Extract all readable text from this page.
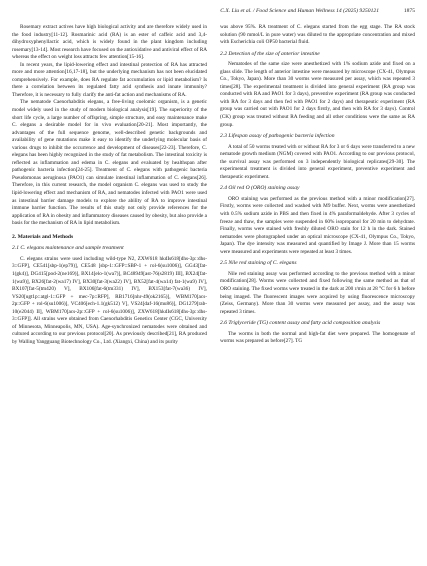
C.X. Liu et al. / Food Science and Human Wellness 14 (2025) 9250121	1875

Rosemary extract actives have high biological activity and are therefore widely used in the food industry[11-12]. Rosmarinic acid (RA) is an ester of caffeic acid and 3,4-dihydroxyphenyllactic acid, which is widely found in the plant kingdom including rosemary[13-14]. Most research have focused on the antioxidative and antiviral effect of RA whereas the effect on weight loss attracts few attention[15-16].

In recent years, the lipid-lowering effect and intestinal protection of RA has attracted more and more attention[16,17-18], but the underlying mechanism has not been elucidated comprehensively. For example, does RA regulate fat accumulation or lipid metabolism? Is there a correlation between its regulated fatty acid synthesis and innate immunity? Therefore, it is necessary to fully clarify the anti-fat action and mechanisms of RA.

The nematode Caenorhabditis elegans, a free-living coelomic organism, is a genetic model widely used in the study of modern biological analysis[19]. The superiority of the short life cycle, a large number of offspring, simple structure, and easy maintenance make C. elegans a desirable model for in vivo evaluation[20-21]. Most importantly, the advantages of the full sequence genome, well-described genetic backgrounds and availability of gene mutations make it easy to identify the underlying molecular basis of various drugs to inhibit the occurrence and development of diseases[22-23]. Therefore, C. elegans has been highly recognized in the study of fat metabolism. The intestinal toxicity is reflected as inflammation and edema in C. elegans and evaluated by healthspan after pathogenic bacteria infection[24-25]. Treatment of C. elegans with pathogenic bacteria Pseudomonas aeruginosa (PAO1) can simulate intestinal inflammation of C. elegans[26]. Therefore, in this current research, the model organism C. elegans was used to study the lipid-lowering effect and mechanism of RA, and nematodes infected with PAO1 were used as intestinal barrier damage models to explore the ability of RA to improve intestinal immune barrier function. The results of this study not only provide references for the application of RA in obesity and inflammatory diseases caused by obesity, but also provide a basis for the mechanism of RA in lipid metabolism.

2. Materials and Methods
2.1 C. elegans maintenance and sample treatment

C. elegans strains were used including wild-type N2, ZXW618 hkdIs618[dhs-3p::dhs-3::GFP], CE541[sbp-1(ep79)], CE548 [sbp-1::GFP::SBP-1 + rol-6(su1006)], GG43[fat-1(gk4)], DG415[pod-2(ne169)], BX14[elo-1(wa7)], BC48949[ast-76(s2819) III], BX24[fat-1(wa9)], BX26[fat-2(wa17) IV], BX30[fat-3(wa22) IV], BX52[fat-4(wa14) fat-1(wa9) IV], BX107[fat-5(tm420) V], BX106[fat-6(tm331) IV], BX153[fat-7(wa36) IV], VS20[ugt1p::atgl-1::GFP + mec-7p::RFP], RB1716[nhr-49(ok2165)], WBM170[acs-2p::GFP + rol-6(su1006)], VC406[ech-1.1(gk512) V], VS24[daf-16(mu86)], DG1279[rab-10(e2044) II], WBM170[acs-2p::GFP + rol-6(su1006)], ZXW618[hkdIs618[dhs-3p::dhs-3::GFP]]. All strains were obtained from Caenorhabditis Genetics Center (CGC, University of Minnesota, Minneapolis, MN, USA). Age-synchronized nematodes were obtained and cultured according to our previous protocol[20]. As previously described[21], RA produced by Walling Yangguang Biotechnology Co., Ltd. (Xiangxi, China) and its purity

was above 95%. RA treatment of C. elegans started from the egg stage. The RA stock solution (90 mmol/L in pure water) was diluted to the appropriate concentration and mixed with Escherichia coli OP50 bacterial fluid.

2.2 Detection of the size of anterior intestine

Nematodes of the same size were anesthetized with 1% sodium azide and fixed on a glass slide. The length of anterior intestine were measured by microscope (CX-41, Olympus Co., Tokyo, Japan). More than 30 worms were measured per assay, which was repeated 3 times[28]. The experimental treatment is divided into general experiment (RA group was conducted with RA and PAO1 for 3 days), preventive experiment (RA group was conducted with RA for 3 days and then fed with PAO1 for 2 days) and therapeutic experiment (RA group was carried out with PAO1 for 2 days firstly, and then with RA for 3 days). Control (CK) group was treated without RA feeding and all other conditions were the same as RA group.

2.3 Lifespan assay of pathogenic bacteria infection

A total of 50 worms treated with or without RA for 3 or 6 days were transferred to a new nematode growth medium (NGM) covered with PAO1. According to our previous protocol, the survival assay was performed on 3 independently biological replicates[29-30]. The experimental treatment is divided into general experiment, preventive experiment and therapeutic experiment.

2.4 Oil red O (ORO) staining assay

ORO staining was performed as the previous method with a minor modification[27]. Firstly, worms were collected and washed with M9 buffer. Next, worms were anesthetized with 0.5% sodium azide in PBS and then fixed in 4% paraformaldehyde. After 3 cycles of freeze and thaw, the samples were suspended in 60% isopropanol for 20 min to dehydrate. Finally, worms were stained with freshly diluted ORO stain for 12 h in the dark. Stained nematodes were photographed under an optical microscope (CX-41, Olympus Co., Tokyo, Japan). The dye intensity was measured and quantified by Image J. More than 15 worms were measured and experiments were repeated at least 3 times.

2.5 Nile red staining of C. elegans

Nile red staining assay was performed according to the previous method with a minor modification[28]. Worms were collected and fixed following the same method as that of ORO staining. The fixed worms were treated in the dark at 200 r/min at 28 °C for 6 h before being imaged. The fluorescent images were acquired by using fluorescence microscopy (Zeiss, Germany). More than 30 worms were measured per assay, and the assay was repeated 3 times.

2.6 Triglyceride (TG) content assay and fatty acid composition analysis

The worms in both the normal and high-fat diet were prepared. The homogenate of worms was prepared as before[27]. TG
